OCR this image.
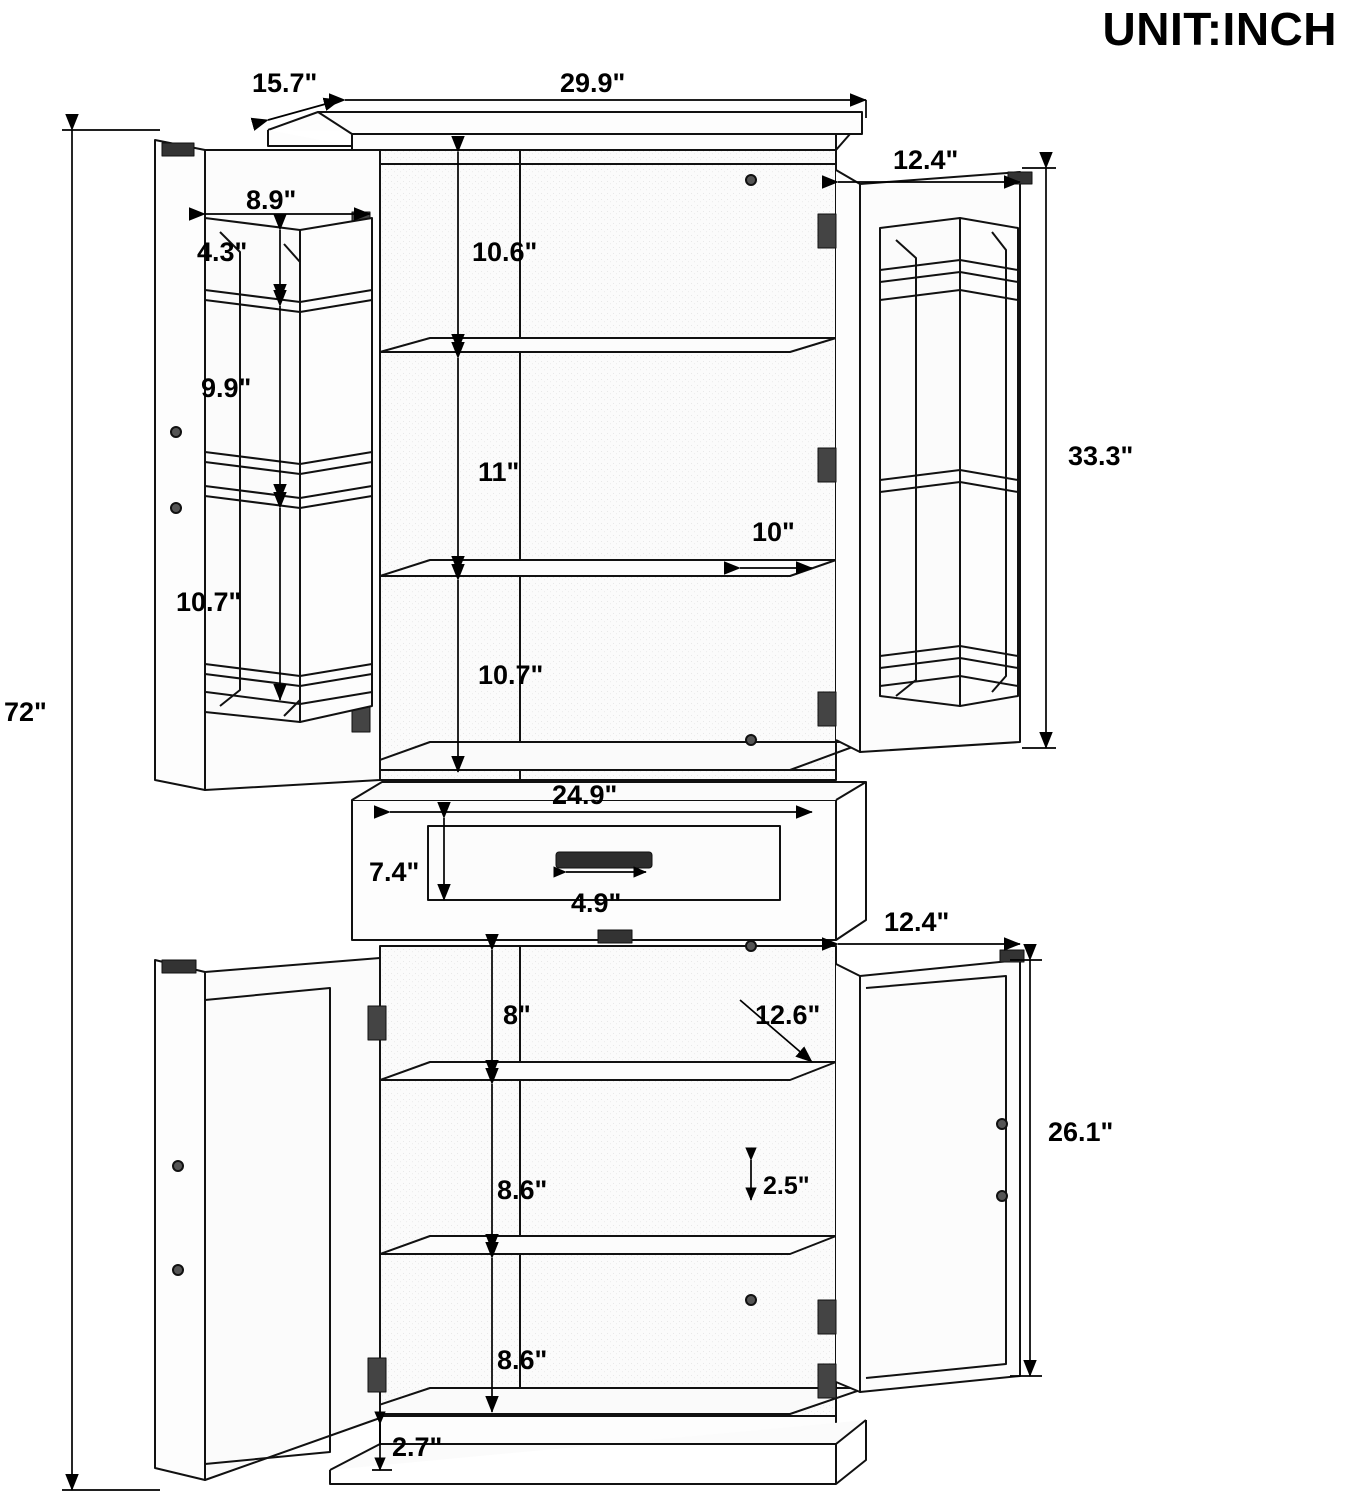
UNIT:INCH
15.7"	29.9"
12.4"
8.9"
4.3"	10.6"
9.9"
33.3"
11"
10"
10.7"
10.7"
72"
24.9"
7.4"
4.9"
12.4"
8"	12.6"
26.1"
8.6"	2.5"
8.6"
2.7"
